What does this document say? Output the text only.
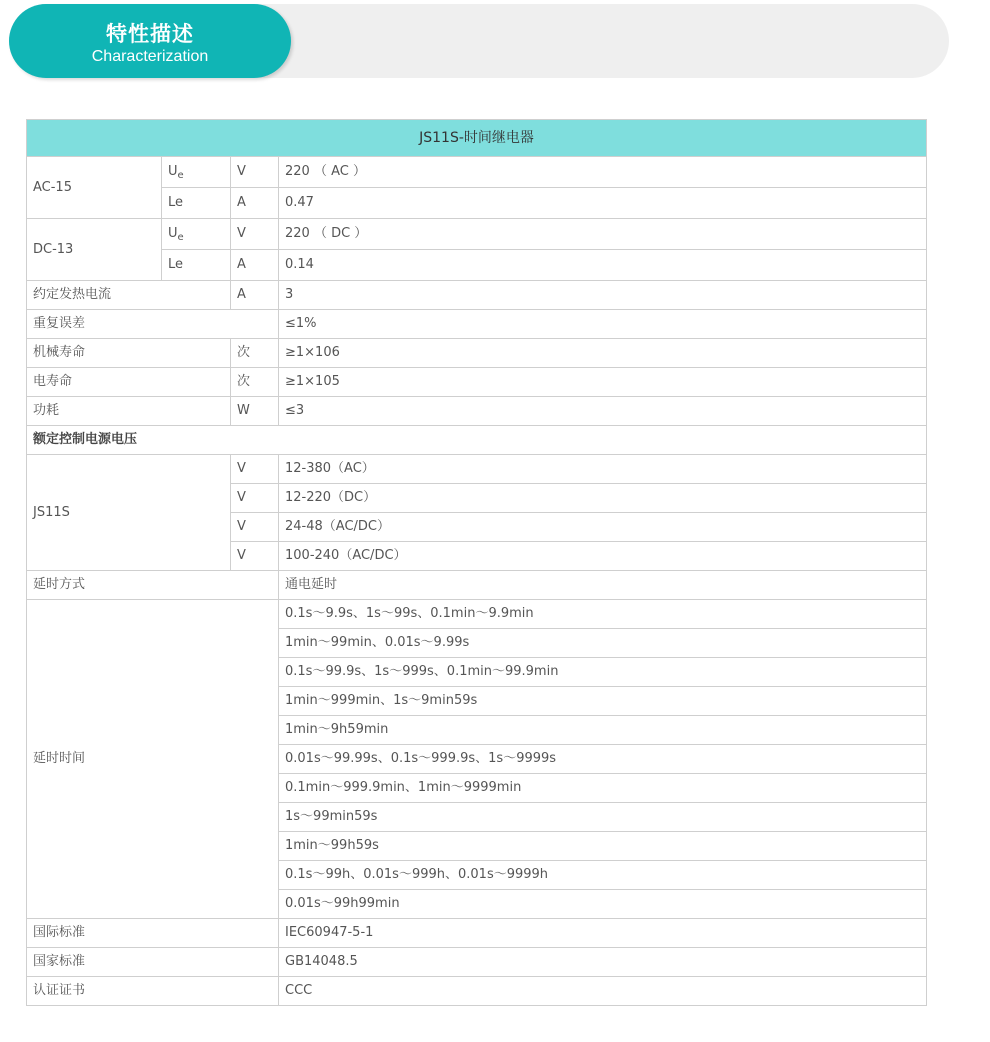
特性描述
Characterization
JS11S-时间继电器			
AC-15	$U_e$	V	220 （ AC ）
	Le	A	0.47
DC-13	$U_e$	V	220 （ DC ）
	Le	A	0.14
约定发热电流		A	3
重复误差			≤1%
机械寿命		次	≥1×106
电寿命		次	≥1×105
功耗		W	≤3
额定控制电源电压			
JS11S		V	12-380（AC）
		V	12-220（DC）
		V	24-48（AC/DC）
		V	100-240（AC/DC）
延时方式			通电延时
延时时间			0.1s～9.9s、1s～99s、0.1min～9.9min
			1min～99min、0.01s～9.99s
			0.1s～99.9s、1s～999s、0.1min～99.9min
			1min～999min、1s～9min59s
			1min～9h59min
			0.01s～99.99s、0.1s～999.9s、1s～9999s
			0.1min～999.9min、1min～9999min
			1s～99min59s
			1min～99h59s
			0.1s～99h、0.01s～999h、0.01s～9999h
			0.01s～99h99min
国际标准			IEC60947-5-1
国家标准			GB14048.5
认证证书			CCC
